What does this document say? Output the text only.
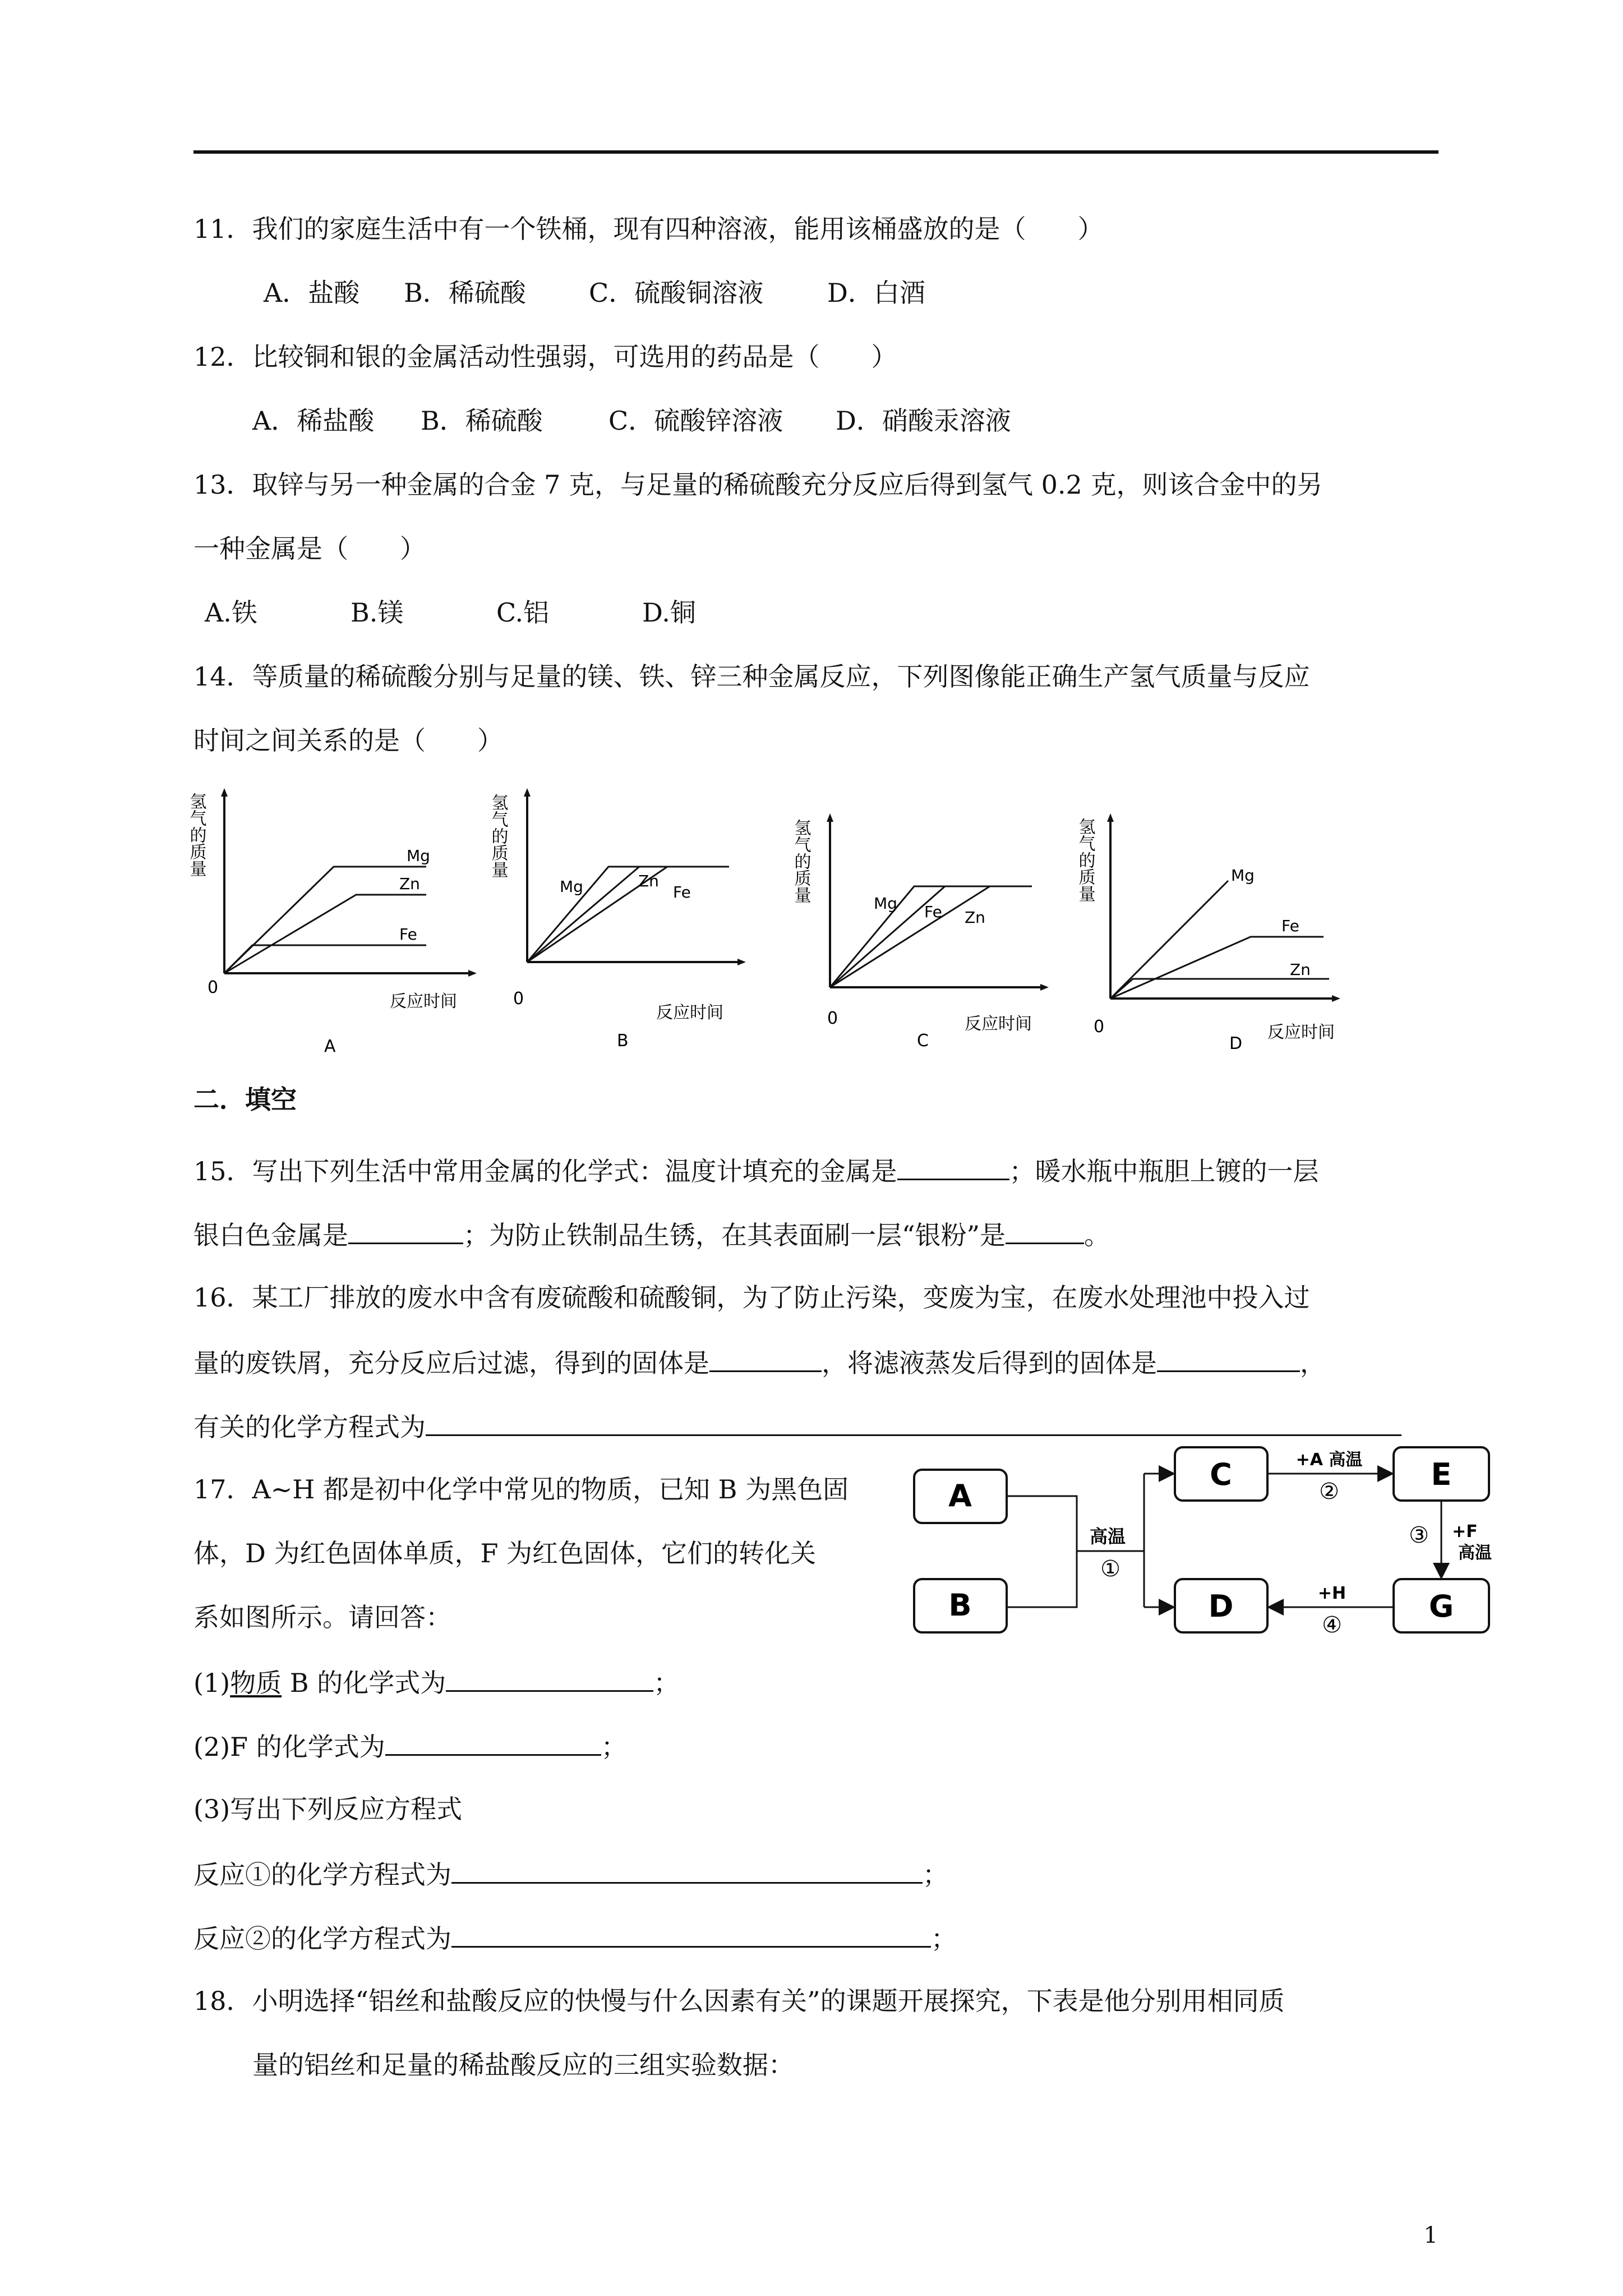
11．我们的家庭生活中有一个铁桶，现有四种溶液，能用该桶盛放的是（　　）
A．盐酸 B．稀硫酸 C．硫酸铜溶液 D．白酒
12．比较铜和银的金属活动性强弱，可选用的药品是（　　）
A．稀盐酸 B．稀硫酸	C．硫酸锌溶液 D．硝酸汞溶液
13．取锌与另一种金属的合金 7 克，与足量的稀硫酸充分反应后得到氢气 0.2 克，则该合金中的另
一种金属是（　　）
A.铁	B.镁	C.铝	D.铜
14．等质量的稀硫酸分别与足量的镁、铁、锌三种金属反应，下列图像能正确生产氢气质量与反应
时间之间关系的是（　　）
氢气的质量
0
反应时间
A
Mg
Zn
Fe
氢气的质量
0
反应时间
B
Mg	Zn
Fe	氢气的质量
0	反应时间
C
Mg Fe Zn
氢气的质量
0	反应时间
D
Mg
Fe
Zn
二．填空
15．写出下列生活中常用金属的化学式：温度计填充的金属是	；暖水瓶中瓶胆上镀的一层
银白色金属是	；为防止铁制品生锈，在其表面刷一层“银粉”是	。
16．某工厂排放的废水中含有废硫酸和硫酸铜，为了防止污染，变废为宝，在废水处理池中投入过
量的废铁屑，充分反应后过滤，得到的固体是	，将滤液蒸发后得到的固体是	，
有关的化学方程式为
17．A~H 都是初中化学中常见的物质，已知 B 为黑色固
体，D 为红色固体单质，F 为红色固体，它们的转化关
系如图所示。请回答：
(1)物质 B 的化学式为	；
(2)F 的化学式为	；
(3)写出下列反应方程式
反应①的化学方程式为	；
反应②的化学方程式为	；
A
B
C
D
E
G
高温
①
+A 高温
②
③ +F
高温
+H
④
18．小明选择“铝丝和盐酸反应的快慢与什么因素有关”的课题开展探究，下表是他分别用相同质
量的铝丝和足量的稀盐酸反应的三组实验数据：
1
